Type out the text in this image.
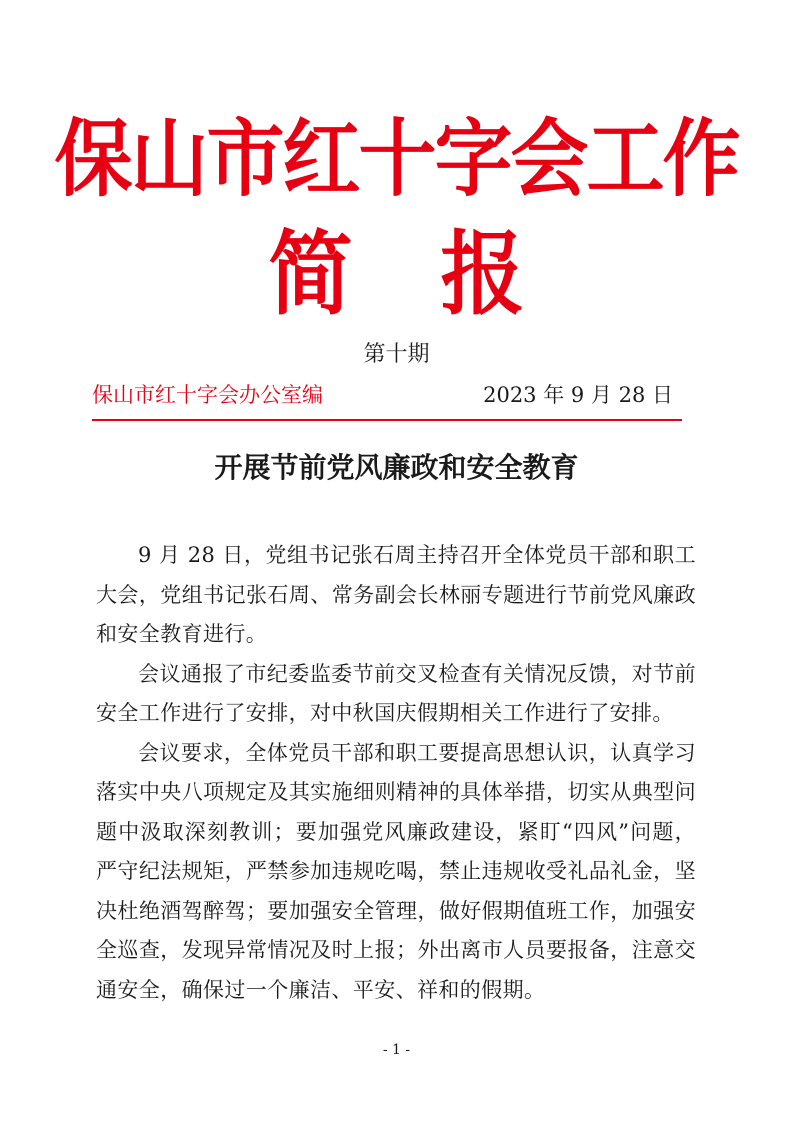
保山市红十字会工作
简报
第十期
保山市红十字会办公室编	2023 年 9 月 28 日
开展节前党风廉政和安全教育

9 月 28 日，党组书记张石周主持召开全体党员干部和职工大会，党组书记张石周、常务副会长林丽专题进行节前党风廉政和安全教育进行。

会议通报了市纪委监委节前交叉检查有关情况反馈，对节前安全工作进行了安排，对中秋国庆假期相关工作进行了安排。

会议要求，全体党员干部和职工要提高思想认识，认真学习落实中央八项规定及其实施细则精神的具体举措，切实从典型问题中汲取深刻教训；要加强党风廉政建设，紧盯“四风”问题，严守纪法规矩，严禁参加违规吃喝，禁止违规收受礼品礼金，坚决杜绝酒驾醉驾；要加强安全管理，做好假期值班工作，加强安全巡查，发现异常情况及时上报；外出离市人员要报备，注意交通安全，确保过一个廉洁、平安、祥和的假期。

- 1 -
